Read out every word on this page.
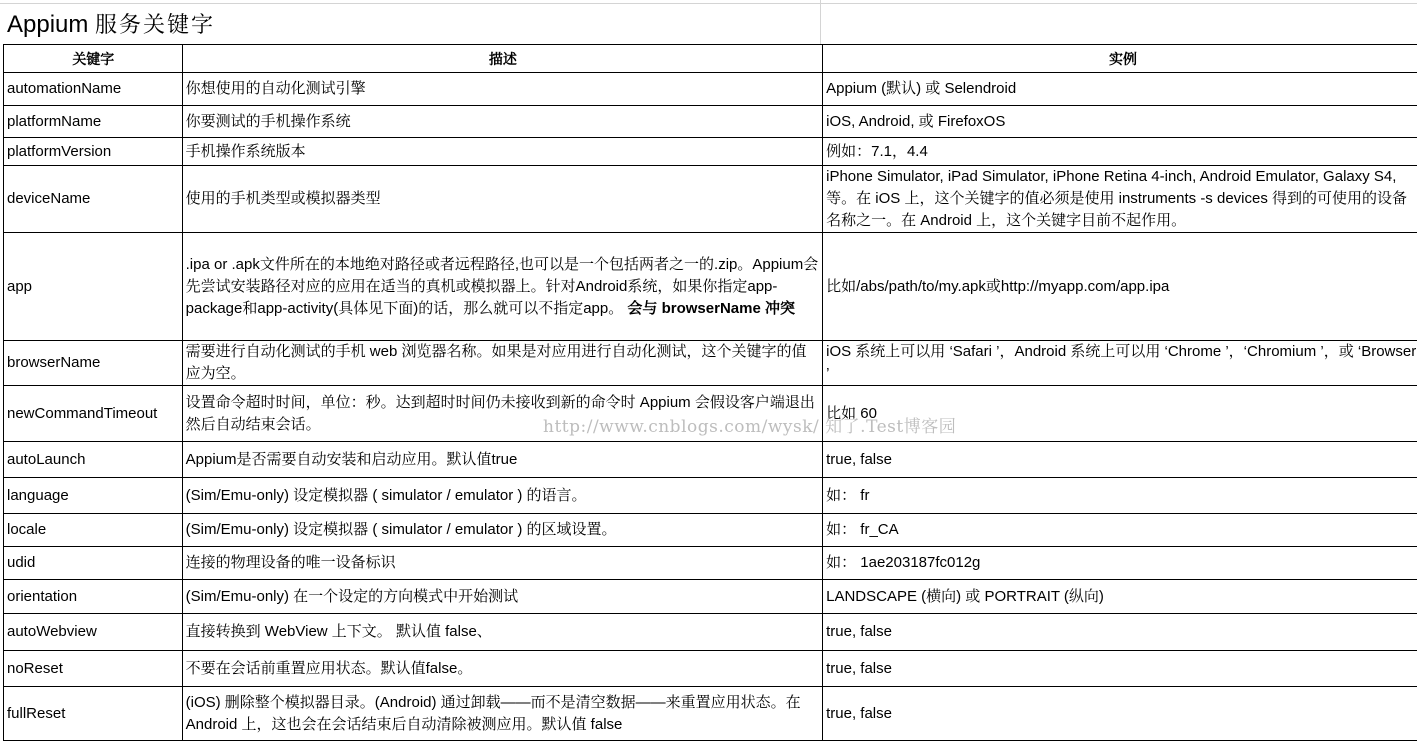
Appium 服务关键字
关键字	描述	实例
automationName	你想使用的自动化测试引擎	Appium (默认) 或 Selendroid
platformName	你要测试的手机操作系统	iOS, Android, 或 FirefoxOS
platformVersion	手机操作系统版本	例如：7.1，4.4
deviceName	使用的手机类型或模拟器类型	iPhone Simulator, iPad Simulator, iPhone Retina 4-inch, Android Emulator, Galaxy S4, 等。在 iOS 上，这个关键字的值必须是使用 instruments -s devices 得到的可使用的设备名称之一。在 Android 上，这个关键字目前不起作用。
app	.ipa or .apk文件所在的本地绝对路径或者远程路径,也可以是一个包括两者之一的.zip。Appium会先尝试安装路径对应的应用在适当的真机或模拟器上。针对Android系统，如果你指定app-package和app-activity(具体见下面)的话，那么就可以不指定app。 会与 browserName 冲突	比如/abs/path/to/my.apk或http://myapp.com/app.ipa
browserName	需要进行自动化测试的手机 web 浏览器名称。如果是对应用进行自动化测试，这个关键字的值应为空。	iOS 系统上可以用 ‘Safari ’，Android 系统上可以用 ‘Chrome ’，‘Chromium ’，或 ‘Browser ’
newCommandTimeout	设置命令超时时间，单位：秒。达到超时时间仍未接收到新的命令时 Appium 会假设客户端退出然后自动结束会话。	比如 60
autoLaunch	Appium是否需要自动安装和启动应用。默认值true	true, false
language	(Sim/Emu-only) 设定模拟器 ( simulator / emulator ) 的语言。	如： fr
locale	(Sim/Emu-only) 设定模拟器 ( simulator / emulator ) 的区域设置。	如： fr_CA
udid	连接的物理设备的唯一设备标识	如： 1ae203187fc012g
orientation	(Sim/Emu-only) 在一个设定的方向模式中开始测试	LANDSCAPE (横向) 或 PORTRAIT (纵向)
autoWebview	直接转换到 WebView 上下文。 默认值 false、	true, false
noReset	不要在会话前重置应用状态。默认值false。	true, false
fullReset	(iOS) 删除整个模拟器目录。(Android) 通过卸载——而不是清空数据——来重置应用状态。在 Android 上，这也会在会话结束后自动清除被测应用。默认值 false	true, false
http://www.cnblogs.com/wysk/ 知了.Test博客园
